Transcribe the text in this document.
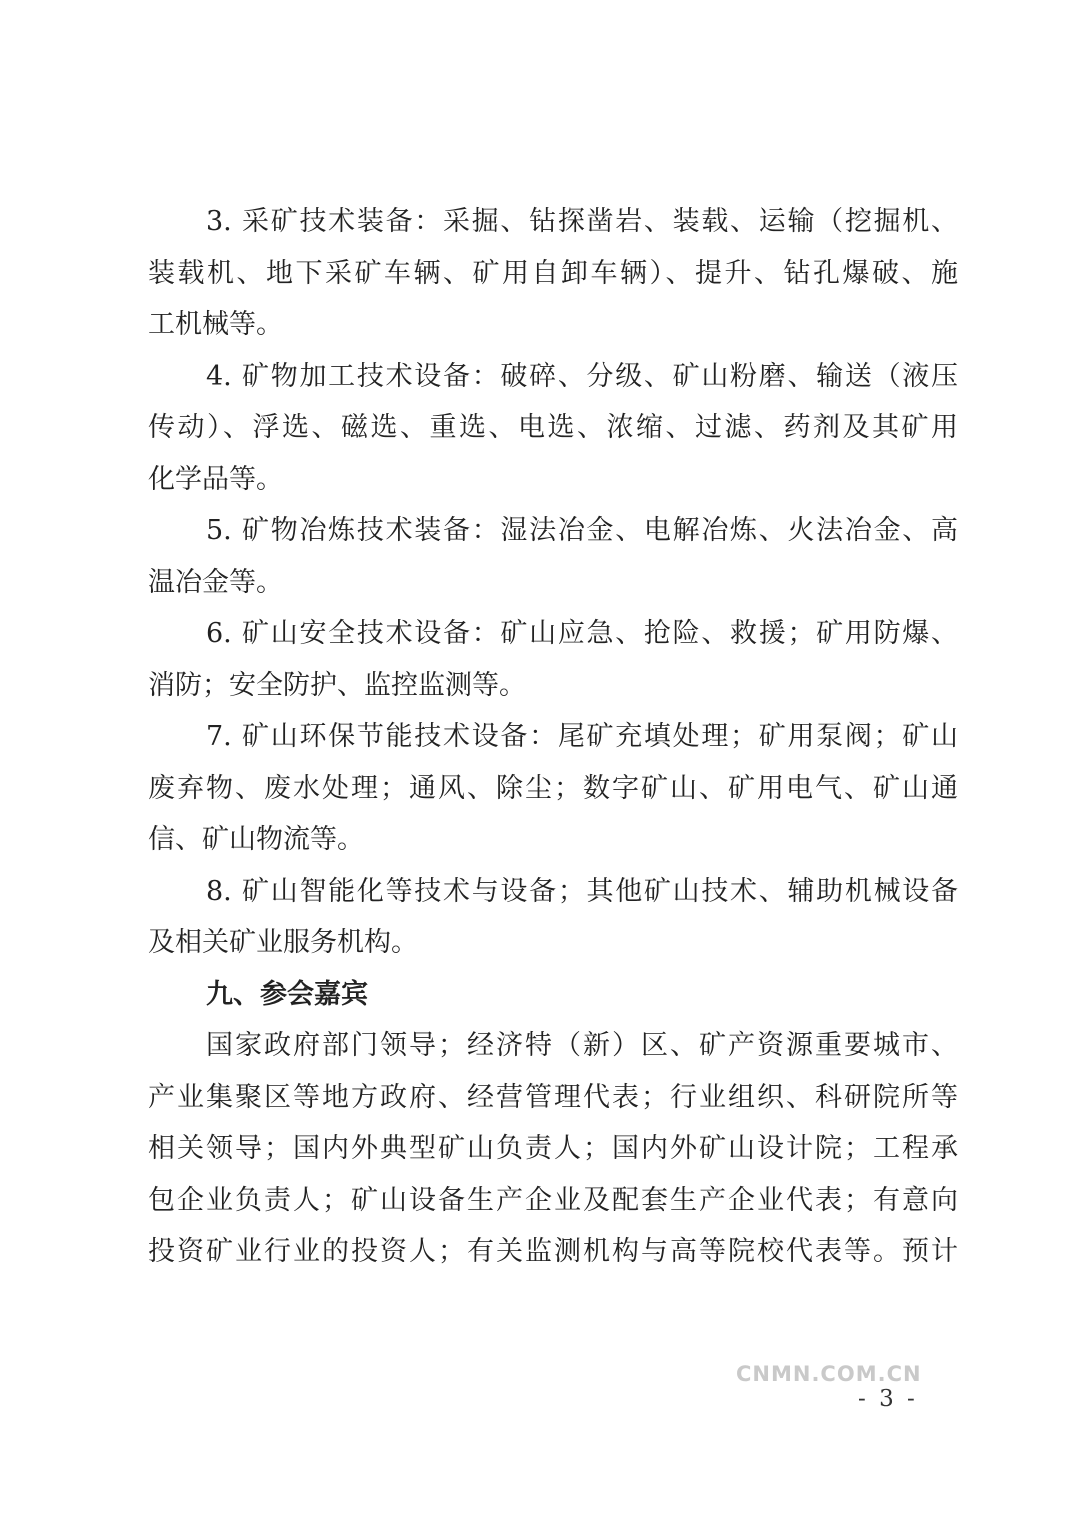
3. 采矿技术装备：采掘、钻探凿岩、装载、运输（挖掘机、
装载机、地下采矿车辆、矿用自卸车辆）、提升、钻孔爆破、施
工机械等。
4. 矿物加工技术设备：破碎、分级、矿山粉磨、输送（液压
传动）、浮选、磁选、重选、电选、浓缩、过滤、药剂及其矿用
化学品等。
5. 矿物冶炼技术装备：湿法冶金、电解冶炼、火法冶金、高
温冶金等。
6. 矿山安全技术设备：矿山应急、抢险、救援；矿用防爆、
消防；安全防护、监控监测等。
7. 矿山环保节能技术设备：尾矿充填处理；矿用泵阀；矿山
废弃物、废水处理；通风、除尘；数字矿山、矿用电气、矿山通
信、矿山物流等。
8. 矿山智能化等技术与设备；其他矿山技术、辅助机械设备
及相关矿业服务机构。
九、参会嘉宾
国家政府部门领导；经济特（新）区、矿产资源重要城市、
产业集聚区等地方政府、经营管理代表；行业组织、科研院所等
相关领导；国内外典型矿山负责人；国内外矿山设计院；工程承
包企业负责人；矿山设备生产企业及配套生产企业代表；有意向
投资矿业行业的投资人；有关监测机构与高等院校代表等。预计
CNMN.COM.CN
- 3 -
